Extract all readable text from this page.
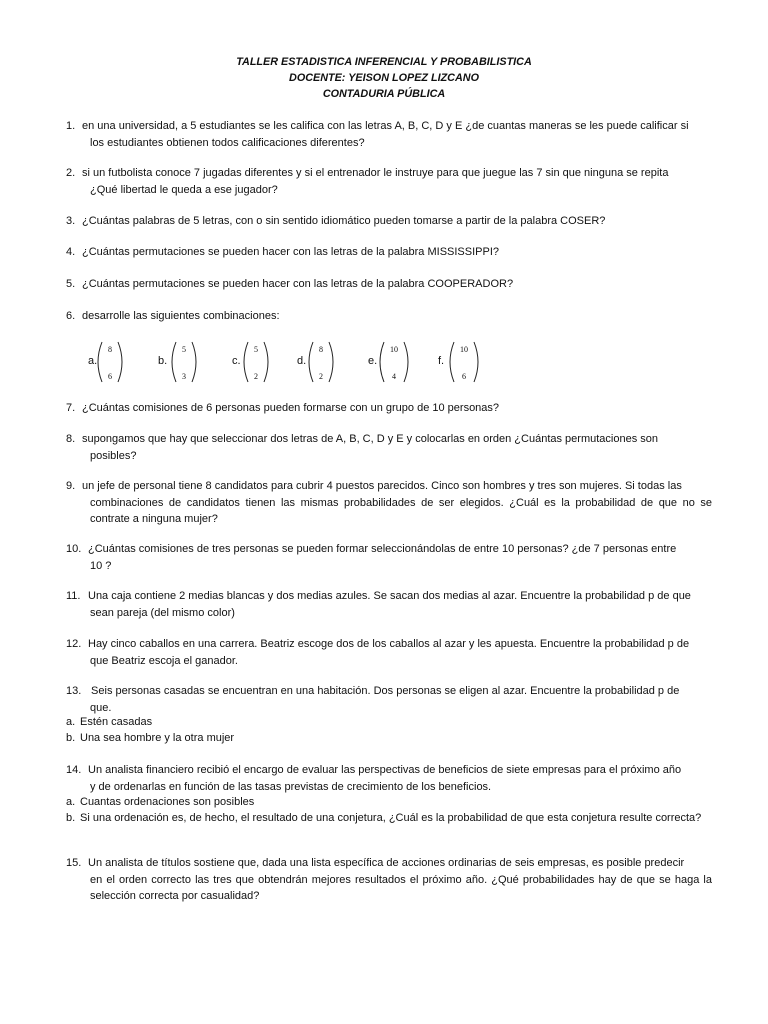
TALLER ESTADISTICA INFERENCIAL Y PROBABILISTICA
DOCENTE: YEISON LOPEZ LIZCANO
CONTADURIA PÚBLICA
1. en una universidad, a 5 estudiantes se les califica con las letras A, B, C, D y E ¿de cuantas maneras se les puede calificar si
los estudiantes obtienen todos calificaciones diferentes?
2. si un futbolista conoce 7 jugadas diferentes y si el entrenador le instruye para que juegue las 7 sin que ninguna se repita
¿Qué libertad le queda a ese jugador?
3. ¿Cuántas palabras de 5 letras, con o sin sentido idiomático pueden tomarse a partir de la palabra COSER?
4. ¿Cuántas permutaciones se pueden hacer con las letras de la palabra MISSISSIPPI?
5. ¿Cuántas permutaciones se pueden hacer con las letras de la palabra COOPERADOR?
6. desarrolle las siguientes combinaciones:
a.
8
6
b.
5
3
c.
5
2
d.
8
2
e.
10
4
f.
10
6
7. ¿Cuántas comisiones de 6 personas pueden formarse con un grupo de 10 personas?
8. supongamos que hay que seleccionar dos letras de A, B, C, D y E y colocarlas en orden ¿Cuántas permutaciones son
posibles?
9. un jefe de personal tiene 8 candidatos para cubrir 4 puestos parecidos. Cinco son hombres y tres son mujeres. Si todas las
combinaciones de candidatos tienen las mismas probabilidades de ser elegidos. ¿Cuál es la probabilidad de que no se contrate a ninguna mujer?
10. ¿Cuántas comisiones de tres personas se pueden formar seleccionándolas de entre 10 personas? ¿de 7 personas entre
10 ?
11. Una caja contiene 2 medias blancas y dos medias azules. Se sacan dos medias al azar. Encuentre la probabilidad p de que
sean pareja (del mismo color)
12. Hay cinco caballos en una carrera. Beatriz escoge dos de los caballos al azar y les apuesta. Encuentre la probabilidad p de
que Beatriz escoja el ganador.
13. Seis personas casadas se encuentran en una habitación. Dos personas se eligen al azar. Encuentre la probabilidad p de
que.
a. Estén casadas
b. Una sea hombre y la otra mujer
14. Un analista financiero recibió el encargo de evaluar las perspectivas de beneficios de siete empresas para el próximo año
y de ordenarlas en función de las tasas previstas de crecimiento de los beneficios.
a. Cuantas ordenaciones son posibles
b. Si una ordenación es, de hecho, el resultado de una conjetura, ¿Cuál es la probabilidad de que esta conjetura resulte correcta?
15. Un analista de títulos sostiene que, dada una lista específica de acciones ordinarias de seis empresas, es posible predecir
en el orden correcto las tres que obtendrán mejores resultados el próximo año. ¿Qué probabilidades hay de que se haga la selección correcta por casualidad?
